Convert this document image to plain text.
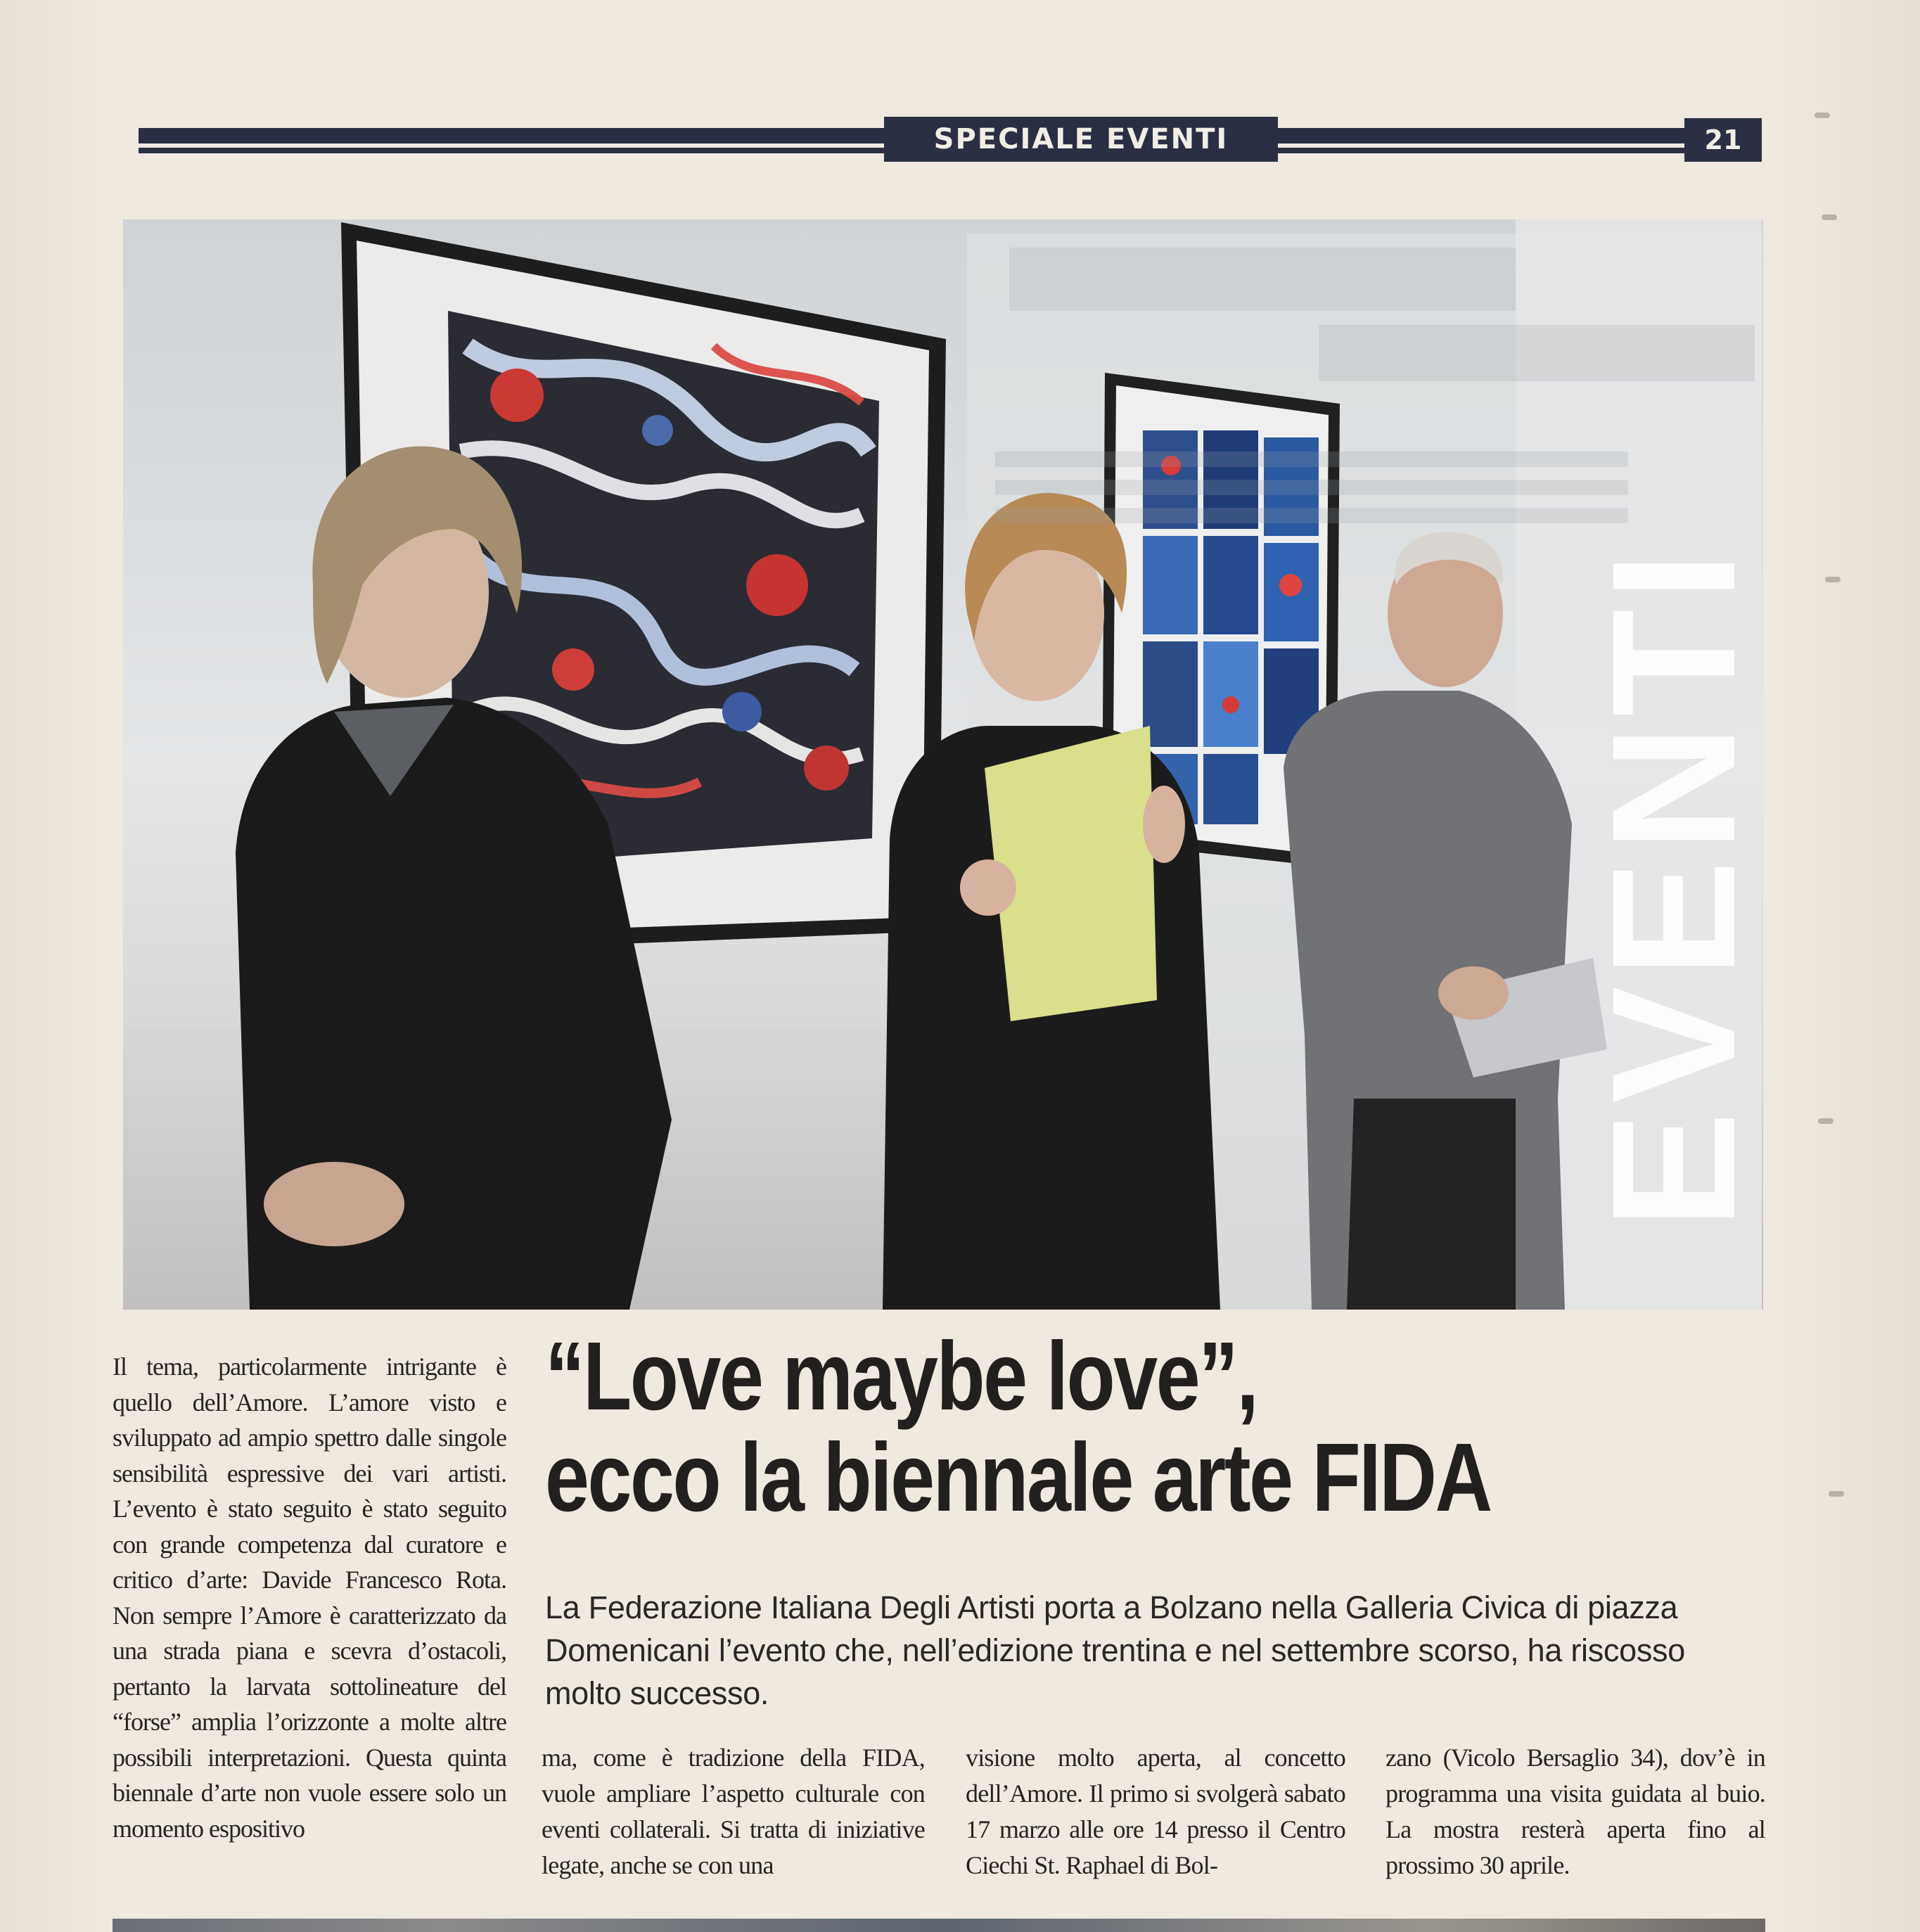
SPECIALE EVENTI	21
EVENTI

Il tema, particolarmente intrigante è quello dell’Amore. L’amore visto e sviluppato ad ampio spettro dalle singole sensibilità espressive dei vari artisti. L’evento è stato seguito è stato seguito con grande competenza dal curatore e critico d’arte: Davide Francesco Rota. Non sempre l’Amore è caratterizzato da una strada piana e scevra d’ostacoli, pertanto la larvata sottolineature del “forse” amplia l’orizzonte a molte altre possibili interpretazioni. Questa quinta biennale d’arte non vuole essere solo un momento espositivo

“Love maybe love”,
ecco la biennale arte FIDA
La Federazione Italiana Degli Artisti porta a Bolzano nella Galleria Civica di piazza Domenicani l’evento che, nell’edizione trentina e nel settembre scorso, ha riscosso molto successo.
ma, come è tradizione della FIDA, vuole ampliare l’aspetto culturale con eventi collaterali. Si tratta di iniziative legate, anche se con una
visione molto aperta, al concetto dell’Amore. Il primo si svolgerà sabato 17 marzo alle ore 14 presso il Centro Ciechi St. Raphael di Bol-
zano (Vicolo Bersaglio 34), dov’è in programma una visita guidata al buio. La mostra resterà aperta fino al prossimo 30 aprile.
